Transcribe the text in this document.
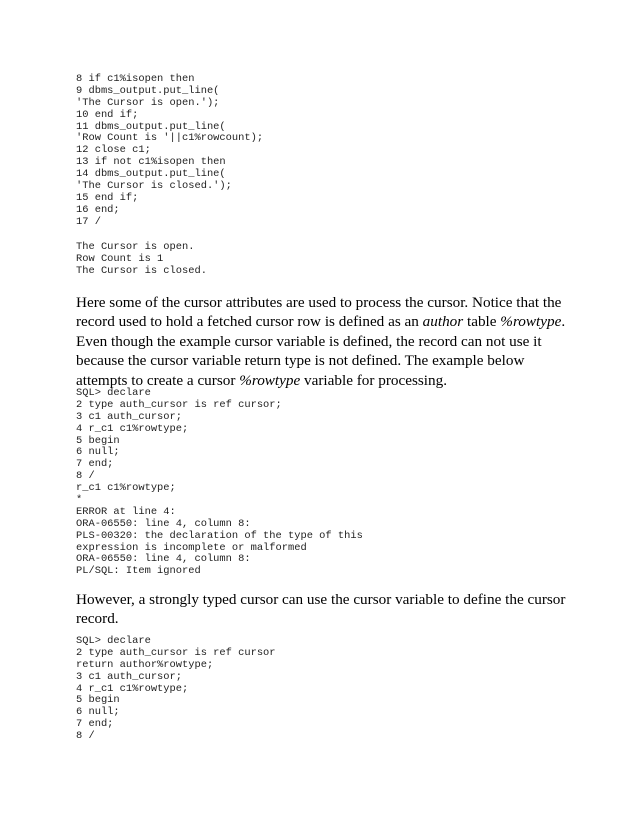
8 if c1%isopen then
9 dbms_output.put_line(
'The Cursor is open.');
10 end if;
11 dbms_output.put_line(
'Row Count is '||c1%rowcount);
12 close c1;
13 if not c1%isopen then
14 dbms_output.put_line(
'The Cursor is closed.');
15 end if;
16 end;
17 /
The Cursor is open.
Row Count is 1
The Cursor is closed.

Here some of the cursor attributes are used to process the cursor. Notice that the record used to hold a fetched cursor row is defined as an author table %rowtype. Even though the example cursor variable is defined, the record can not use it because the cursor variable return type is not defined. The example below attempts to create a cursor %rowtype variable for processing.

SQL> declare
2 type auth_cursor is ref cursor;
3 c1 auth_cursor;
4 r_c1 c1%rowtype;
5 begin
6 null;
7 end;
8 /
r_c1 c1%rowtype;
*
ERROR at line 4:
ORA-06550: line 4, column 8:
PLS-00320: the declaration of the type of this
expression is incomplete or malformed
ORA-06550: line 4, column 8:
PL/SQL: Item ignored

However, a strongly typed cursor can use the cursor variable to define the cursor record.

SQL> declare
2 type auth_cursor is ref cursor
return author%rowtype;
3 c1 auth_cursor;
4 r_c1 c1%rowtype;
5 begin
6 null;
7 end;
8 /
